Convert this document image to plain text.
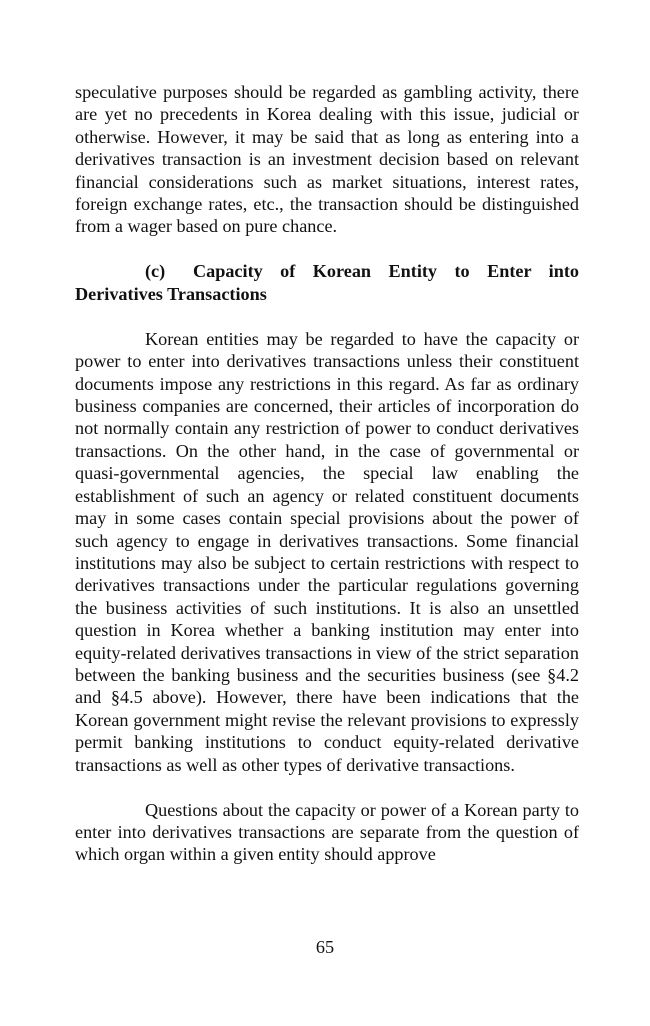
speculative purposes should be regarded as gambling activity, there are yet no precedents in Korea dealing with this issue, judicial or otherwise. However, it may be said that as long as entering into a derivatives transaction is an investment decision based on relevant financial considerations such as market situations, interest rates, foreign exchange rates, etc., the transaction should be distinguished from a wager based on pure chance.

(c) Capacity of Korean Entity to Enter into Derivatives Transactions

Korean entities may be regarded to have the capacity or power to enter into derivatives transactions unless their constituent documents impose any restrictions in this regard. As far as ordinary business companies are concerned, their articles of incorporation do not normally contain any restriction of power to conduct derivatives transactions. On the other hand, in the case of governmental or quasi-governmental agencies, the special law enabling the establishment of such an agency or related constituent documents may in some cases contain special provisions about the power of such agency to engage in derivatives transactions. Some financial institutions may also be subject to certain restrictions with respect to derivatives transactions under the particular regulations governing the business activities of such institutions. It is also an unsettled question in Korea whether a banking institution may enter into equity-related derivatives transactions in view of the strict separation between the banking business and the securities business (see §4.2 and §4.5 above). However, there have been indications that the Korean government might revise the relevant provisions to expressly permit banking institutions to conduct equity-related derivative transactions as well as other types of derivative transactions.

Questions about the capacity or power of a Korean party to enter into derivatives transactions are separate from the question of which organ within a given entity should approve

65
